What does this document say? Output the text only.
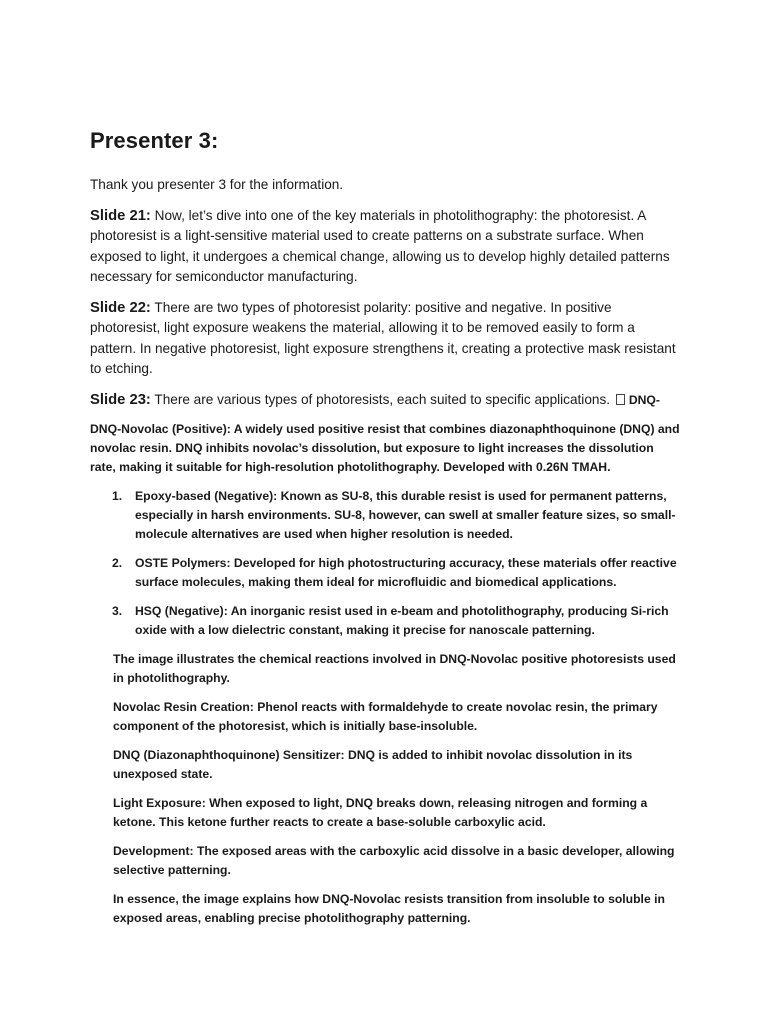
Presenter 3:

Thank you presenter 3 for the information.

Slide 21: Now, let’s dive into one of the key materials in photolithography: the photoresist. A photoresist is a light-sensitive material used to create patterns on a substrate surface. When exposed to light, it undergoes a chemical change, allowing us to develop highly detailed patterns necessary for semiconductor manufacturing.

Slide 22: There are two types of photoresist polarity: positive and negative. In positive photoresist, light exposure weakens the material, allowing it to be removed easily to form a pattern. In negative photoresist, light exposure strengthens it, creating a protective mask resistant to etching.

Slide 23: There are various types of photoresists, each suited to specific applications. DNQ-

DNQ-Novolac (Positive): A widely used positive resist that combines diazonaphthoquinone (DNQ) and novolac resin. DNQ inhibits novolac’s dissolution, but exposure to light increases the dissolution rate, making it suitable for high-resolution photolithography. Developed with 0.26N TMAH.

1. Epoxy-based (Negative): Known as SU-8, this durable resist is used for permanent patterns, especially in harsh environments. SU-8, however, can swell at smaller feature sizes, so small-molecule alternatives are used when higher resolution is needed.
2. OSTE Polymers: Developed for high photostructuring accuracy, these materials offer reactive surface molecules, making them ideal for microfluidic and biomedical applications.
3. HSQ (Negative): An inorganic resist used in e-beam and photolithography, producing Si-rich oxide with a low dielectric constant, making it precise for nanoscale patterning.

The image illustrates the chemical reactions involved in DNQ-Novolac positive photoresists used in photolithography.

Novolac Resin Creation: Phenol reacts with formaldehyde to create novolac resin, the primary component of the photoresist, which is initially base-insoluble.

DNQ (Diazonaphthoquinone) Sensitizer: DNQ is added to inhibit novolac dissolution in its unexposed state.

Light Exposure: When exposed to light, DNQ breaks down, releasing nitrogen and forming a ketone. This ketone further reacts to create a base-soluble carboxylic acid.

Development: The exposed areas with the carboxylic acid dissolve in a basic developer, allowing selective patterning.

In essence, the image explains how DNQ-Novolac resists transition from insoluble to soluble in exposed areas, enabling precise photolithography patterning.
